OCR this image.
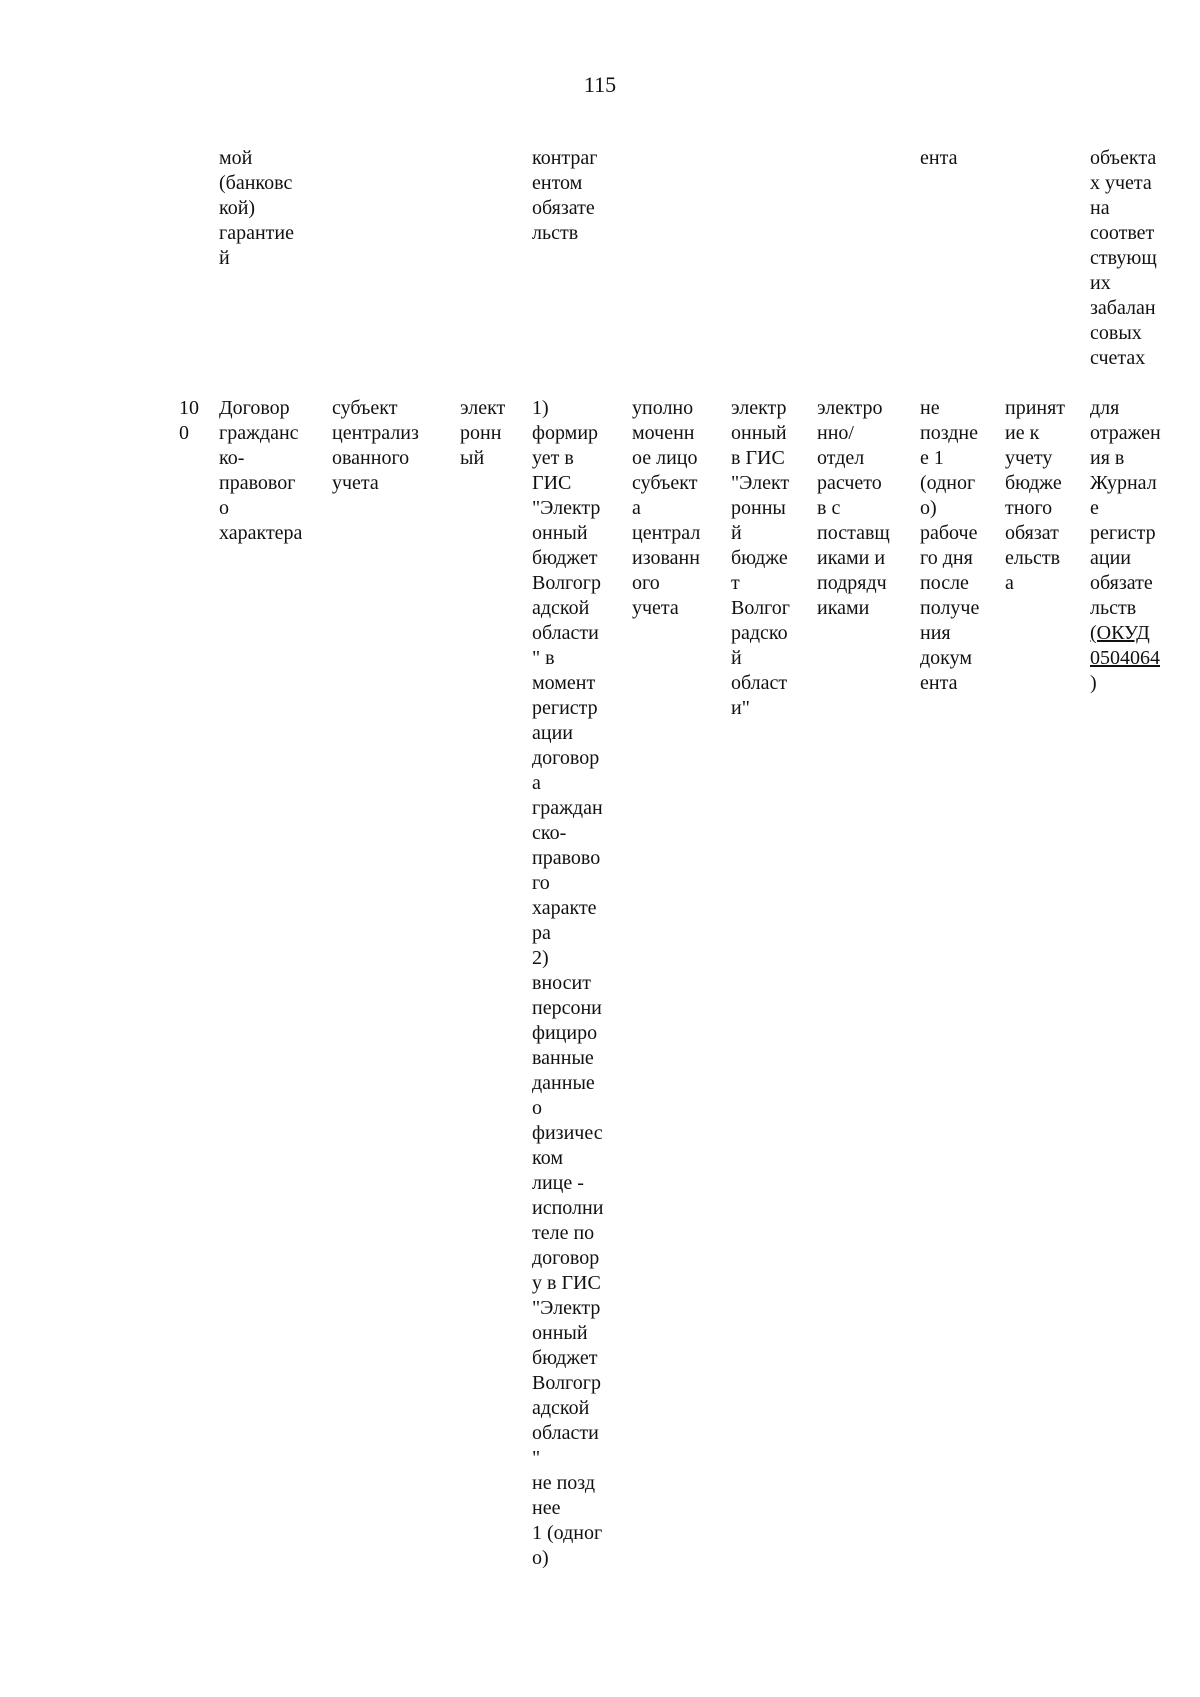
115
мой
(банковс
кой)
гарантие
й
контраг
ентом
обязате
льств
ента	объекта
х учета
на
соответ
ствующ
их
забалан
совых
счетах
10
0
Договор
гражданс
ко-
правовог
о
характера
субъект
централиз
ованного
учета
элект
ронн
ый
1)
формир
ует в
ГИС
"Электр
онный
бюджет
Волгогр
адской
области
" в
момент
регистр
ации
договор
а
граждан
ско-
правово
го
характе
ра
2)
вносит
персони
фициро
ванные
данные
о
физичес
ком
лице -
исполни
теле по
договор
у в ГИС
"Электр
онный
бюджет
Волгогр
адской
области
"
не позд
нее
1 (одног
о)
уполно
моченн
ое лицо
субъект
а
централ
изованн
ого
учета
электр
онный
в ГИС
"Элект
ронны
й
бюдже
т
Волгог
радско
й
област
и"
электро
нно/
отдел
расчето
в с
поставщ
иками и
подрядч
иками
не
поздне
е 1
(одног
о)
рабоче
го дня
после
получе
ния
докум
ента
принят
ие к
учету
бюдже
тного
обязат
ельств
а
для
отражен
ия в
Журнал
е
регистр
ации
обязате
льств
(ОКУД
0504064
)
